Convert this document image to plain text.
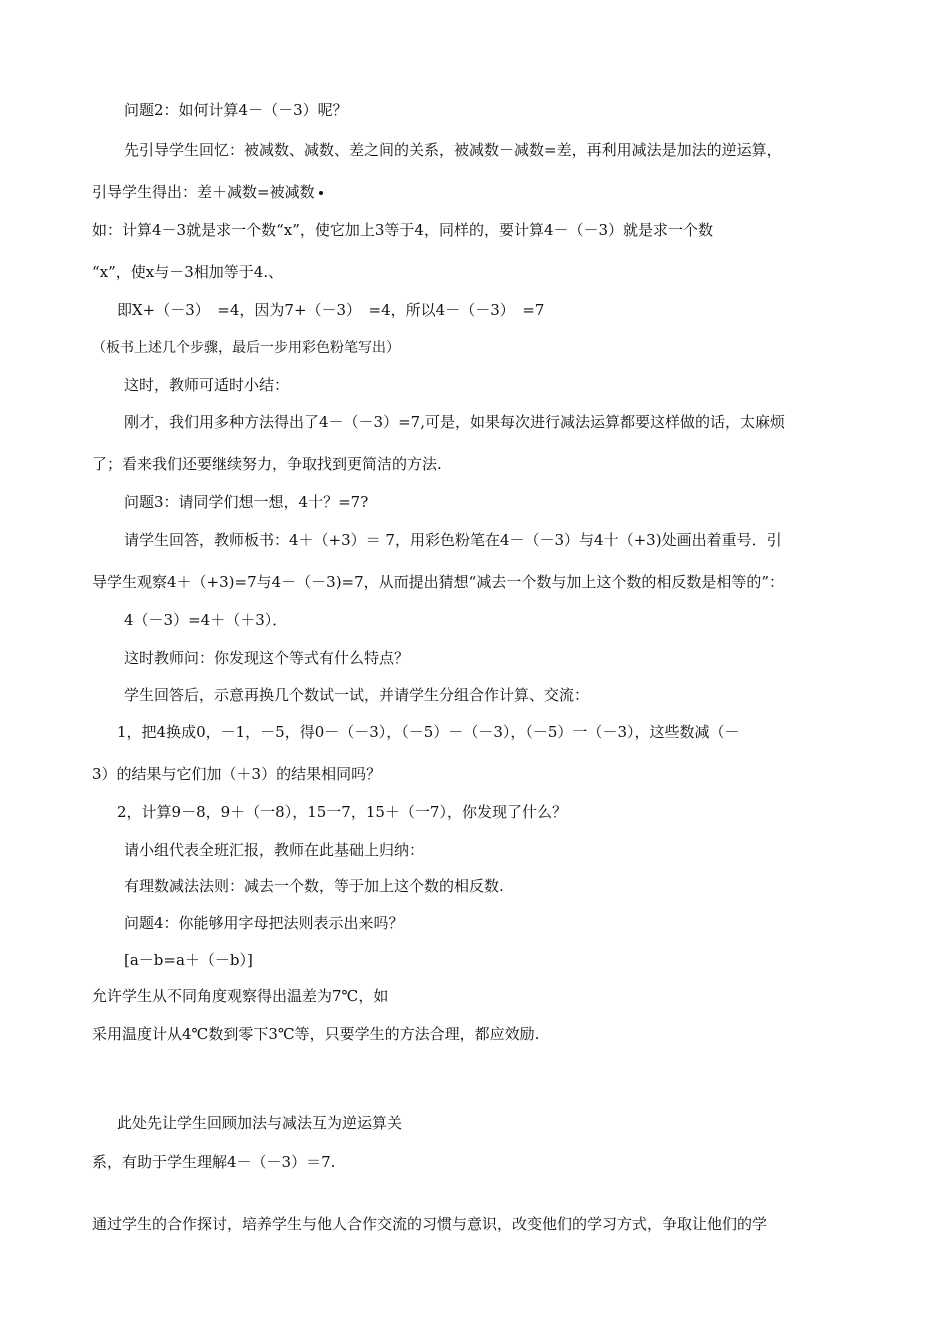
问题2：如何计算4－（－3）呢？
先引导学生回忆：被减数、减数、差之间的关系，被减数－减数=差，再利用减法是加法的逆运算，
引导学生得出：差＋减数=被减数
如：计算4－3就是求一个数“x”，使它加上3等于4，同样的，要计算4－（－3）就是求一个数
“x”，使x与－3相加等于4.、
即X+（－3）　=4，因为7+（－3）　=4，所以4－（－3）　=7
（板书上述几个步骤，最后一步用彩色粉笔写出）
这时，教师可适时小结：
刚才，我们用多种方法得出了4－（－3）=7,可是，如果每次进行减法运算都要这样做的话，太麻烦
了；看来我们还要继续努力，争取找到更简洁的方法.
问题3：请同学们想一想，4十？=7?
请学生回答，教师板书：4＋（+3）＝ 7，用彩色粉笔在4－（－3）与4十（+3)处画出着重号．引
导学生观察4＋（+3)=7与4－（－3)=7，从而提出猜想“减去一个数与加上这个数的相反数是相等的”：
4（－3）=4＋（＋3）．
这时教师问：你发现这个等式有什么特点？
学生回答后，示意再换几个数试一试，并请学生分组合作计算、交流：
1，把4换成0，－1，－5，得0－（－3），（－5）－（－3），（－5）一（－3），这些数减（－
3）的结果与它们加（＋3）的结果相同吗？
2，计算9－8，9＋（一8），15一7，15＋（一7），你发现了什么？
请小组代表全班汇报，教师在此基础上归纳：
有理数减法法则：减去一个数，等于加上这个数的相反数.
问题4：你能够用字母把法则表示出来吗？
[a－b=a＋（－b）]
允许学生从不同角度观察得出温差为7℃，如
采用温度计从4℃数到零下3℃等，只要学生的方法合理，都应效励.
此处先让学生回顾加法与减法互为逆运算关
系，有助于学生理解4－（－3）＝7.
通过学生的合作探讨，培养学生与他人合作交流的习惯与意识，改变他们的学习方式，争取让他们的学
